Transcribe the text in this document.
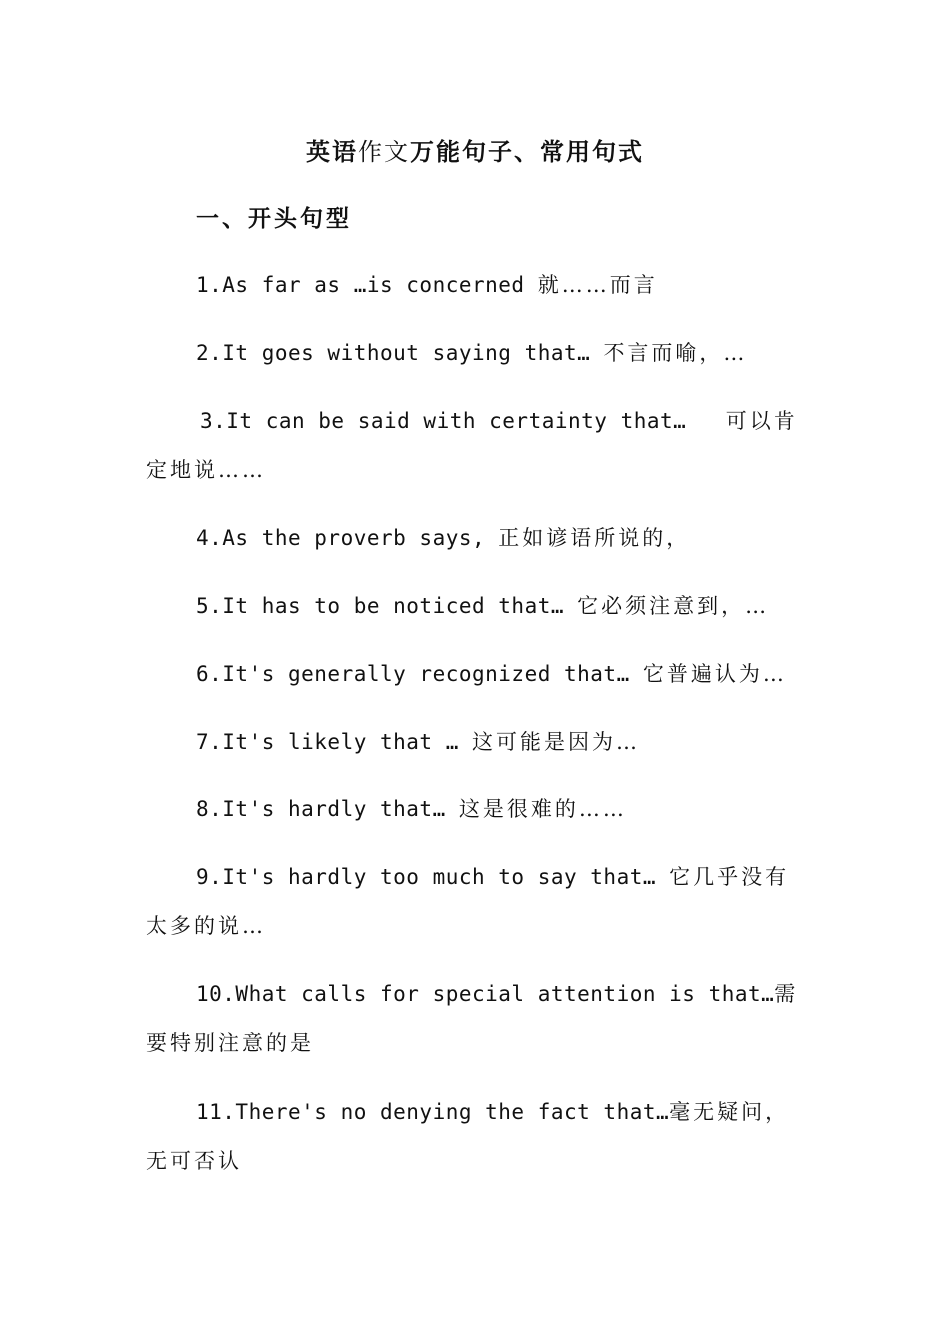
英语作文万能句子、常用句式
一、开头句型
1.As far as …is concerned 就……而言
2.It goes without saying that… 不言而喻，…
3.It can be said with certainty that…   可以肯定地说……
4.As the proverb says, 正如谚语所说的，
5.It has to be noticed that… 它必须注意到，…
6.It's generally recognized that… 它普遍认为…
7.It's likely that … 这可能是因为…
8.It's hardly that… 这是很难的……
9.It's hardly too much to say that… 它几乎没有太多的说…
10.What calls for special attention is that…需要特别注意的是
11.There's no denying the fact that…毫无疑问，无可否认
